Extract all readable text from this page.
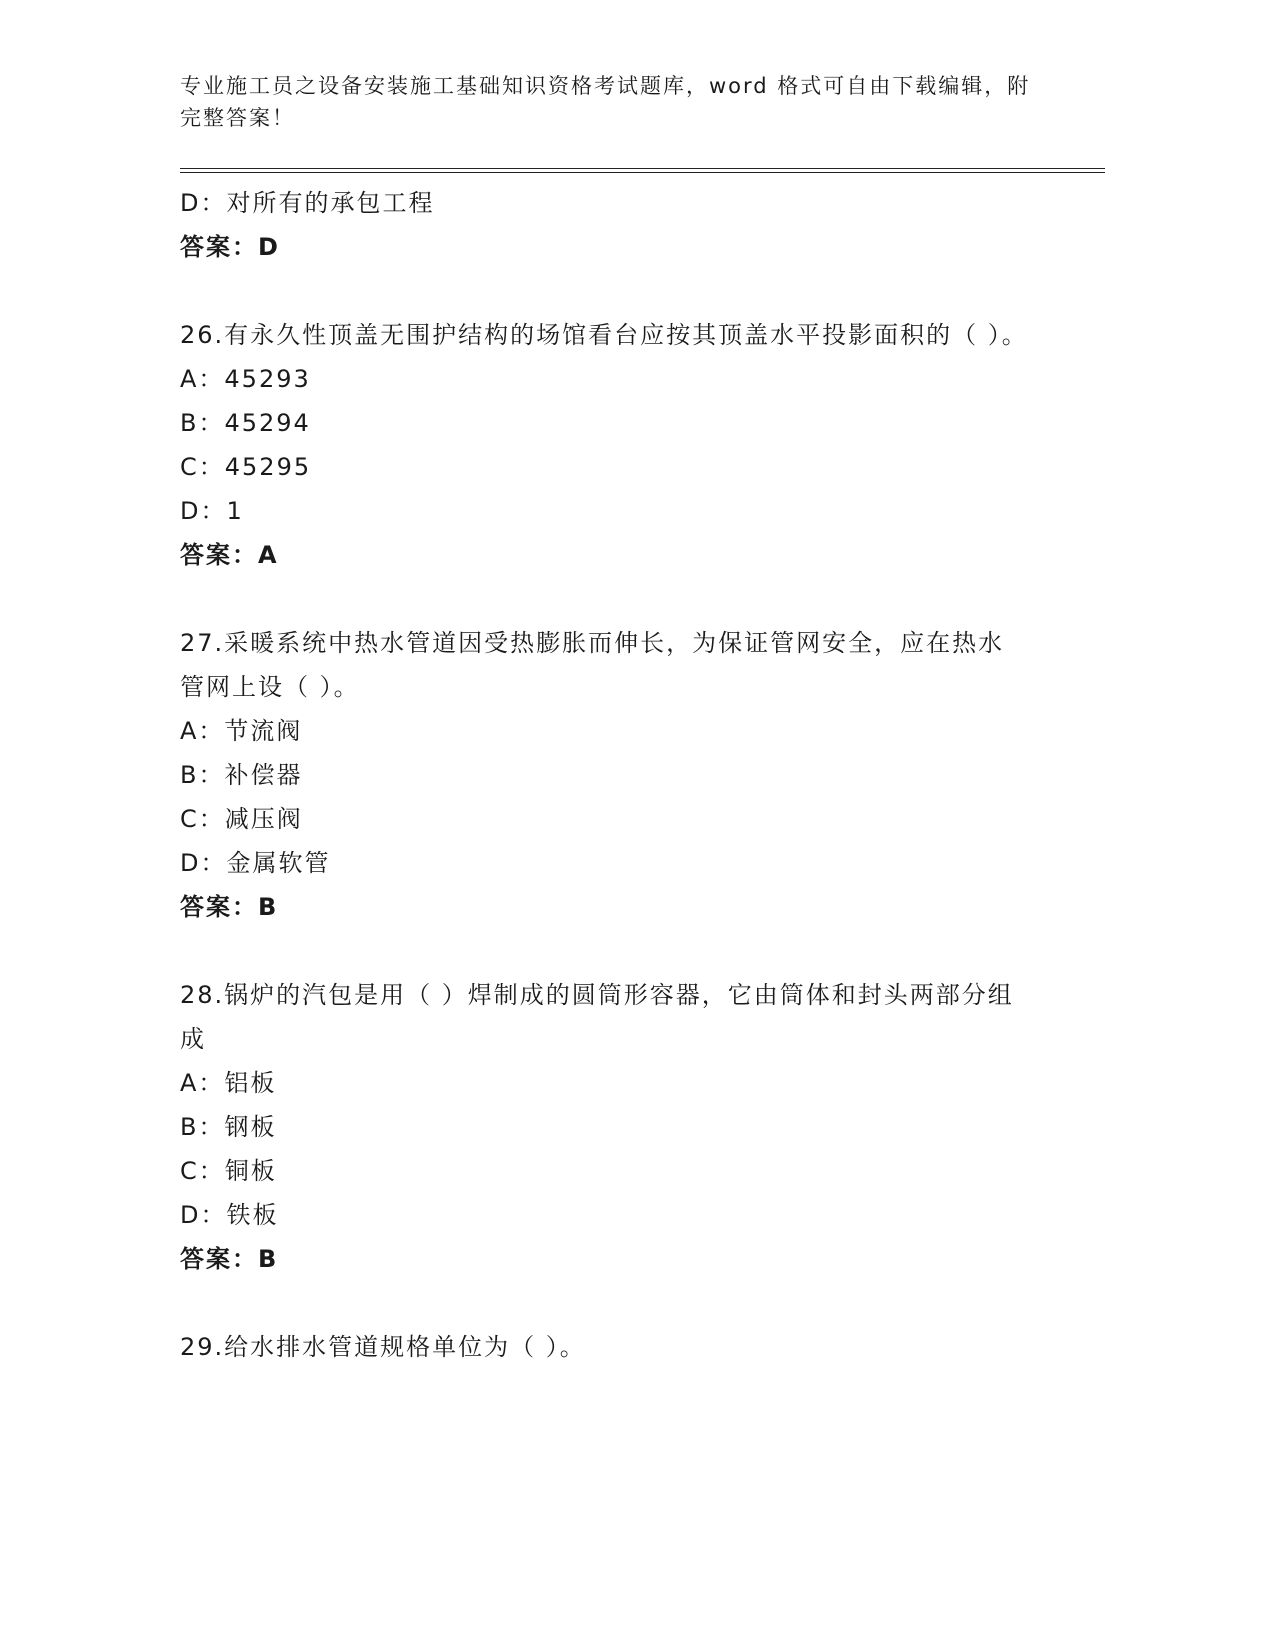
专业施工员之设备安装施工基础知识资格考试题库，word 格式可自由下载编辑，附完整答案！

D：对所有的承包工程
答案：D
26.有永久性顶盖无围护结构的场馆看台应按其顶盖水平投影面积的（ ）。
A：45293
B：45294
C：45295
D：1
答案：A
27.采暖系统中热水管道因受热膨胀而伸长，为保证管网安全，应在热水管网上设（ ）。
A：节流阀
B：补偿器
C：减压阀
D：金属软管
答案：B
28.锅炉的汽包是用（ ）焊制成的圆筒形容器，它由筒体和封头两部分组成
A：铝板
B：钢板
C：铜板
D：铁板
答案：B
29.给水排水管道规格单位为（ ）。
